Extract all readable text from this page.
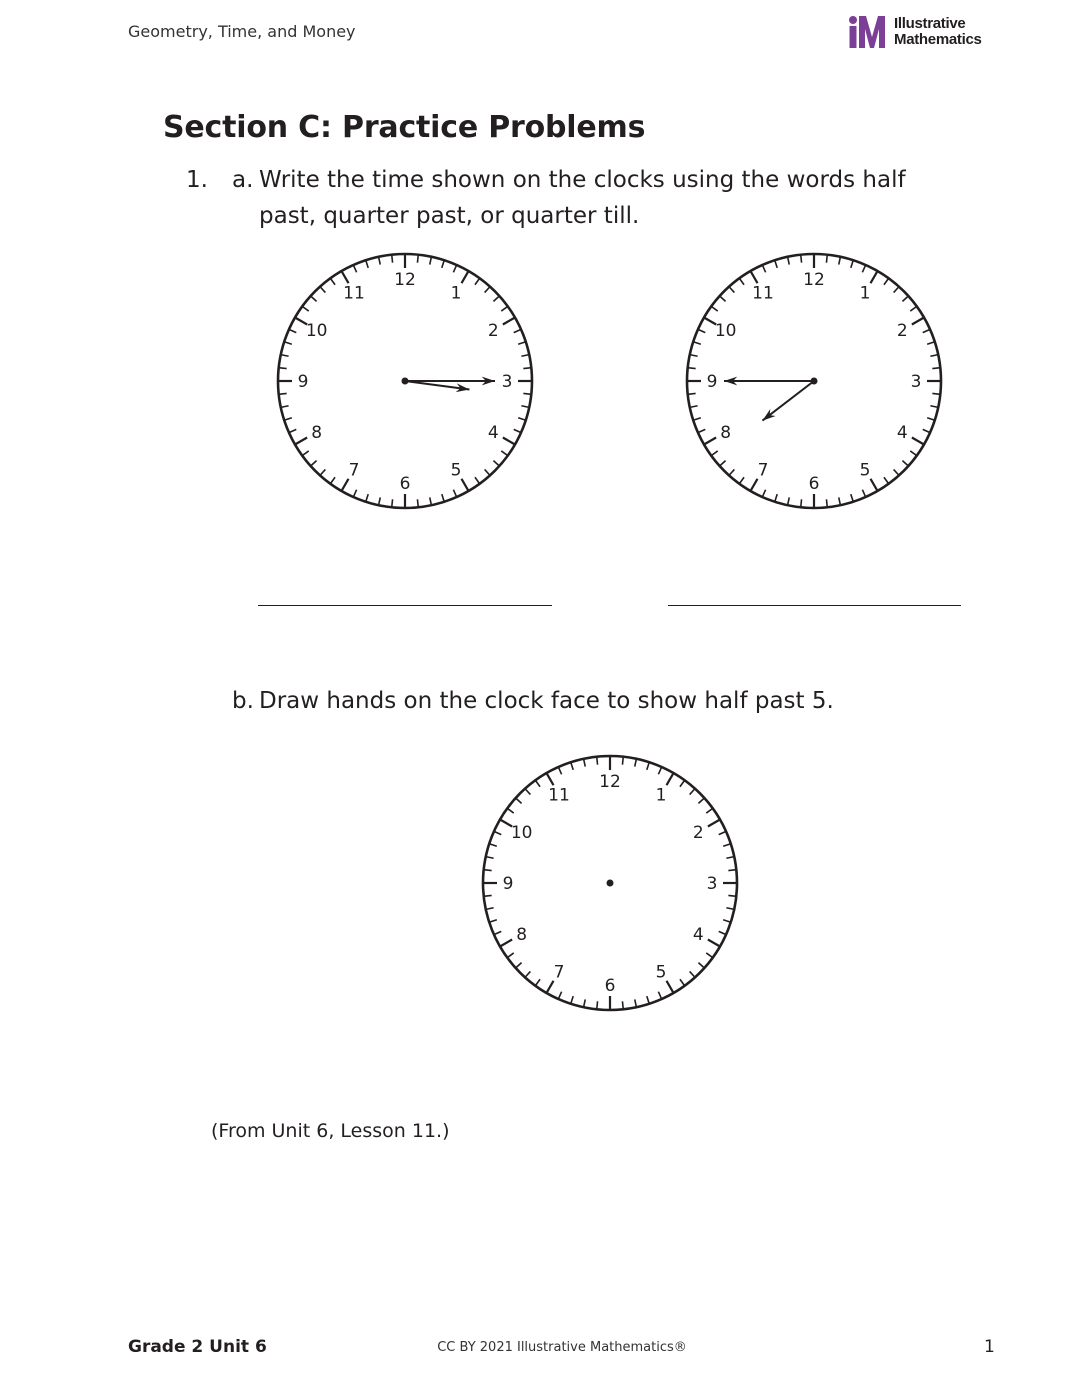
Geometry, Time, and Money	Illustrative
Mathematics
Section C: Practice Problems
1. a. Write the time shown on the clocks using the words half
past, quarter past, or quarter till.
12
1
2
3
4
5
6
7
8
9
10
11
12
1
2
3
4
5
6
7
8
9
10
11
b. Draw hands on the clock face to show half past 5.
12
1
2
3
4
5
6
7
8
9
10
11
(From Unit 6, Lesson 11.)
Grade 2 Unit 6	CC BY 2021 Illustrative Mathematics®	1
